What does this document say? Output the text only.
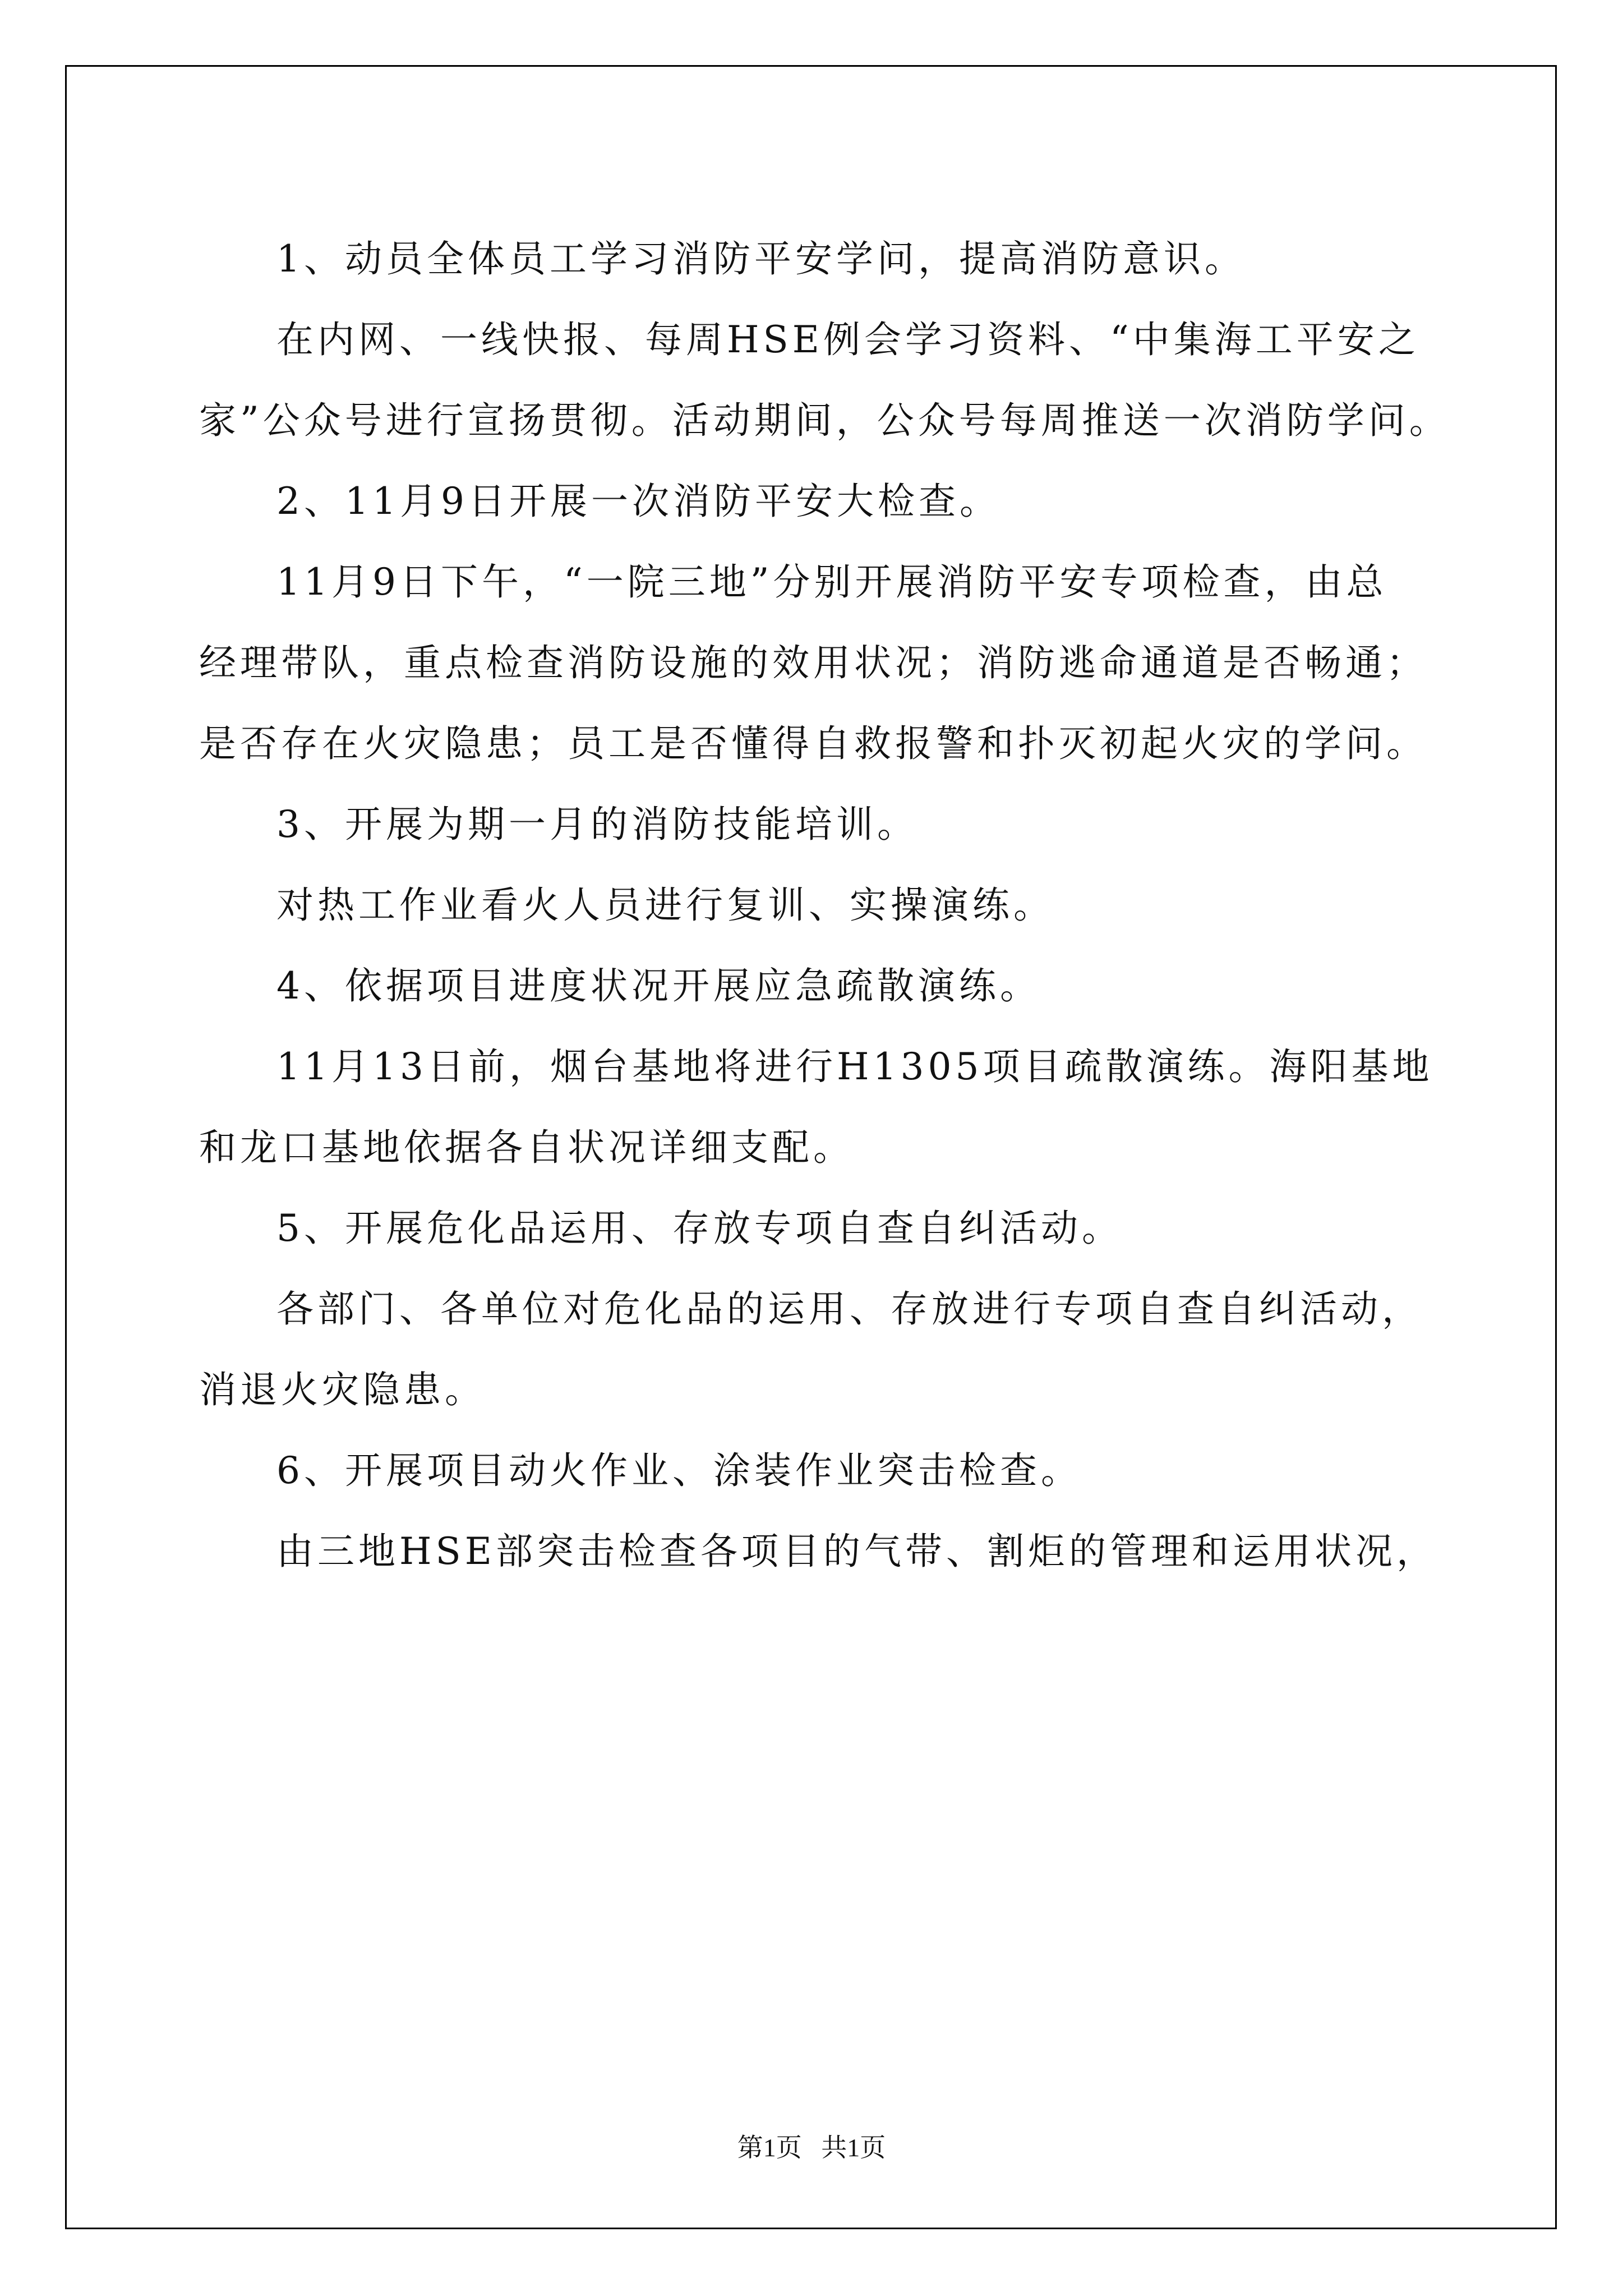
1、动员全体员工学习消防平安学问，提高消防意识。
在内网、一线快报、每周HSE例会学习资料、“中集海工平安之
家”公众号进行宣扬贯彻。活动期间，公众号每周推送一次消防学问。
2、11月9日开展一次消防平安大检查。
11月9日下午，“一院三地”分别开展消防平安专项检查，由总
经理带队，重点检查消防设施的效用状况；消防逃命通道是否畅通；
是否存在火灾隐患；员工是否懂得自救报警和扑灭初起火灾的学问。
3、开展为期一月的消防技能培训。
对热工作业看火人员进行复训、实操演练。
4、依据项目进度状况开展应急疏散演练。
11月13日前，烟台基地将进行H1305项目疏散演练。海阳基地
和龙口基地依据各自状况详细支配。
5、开展危化品运用、存放专项自查自纠活动。
各部门、各单位对危化品的运用、存放进行专项自查自纠活动，
消退火灾隐患。
6、开展项目动火作业、涂装作业突击检查。
由三地HSE部突击检查各项目的气带、割炬的管理和运用状况，
第1页   共1页
